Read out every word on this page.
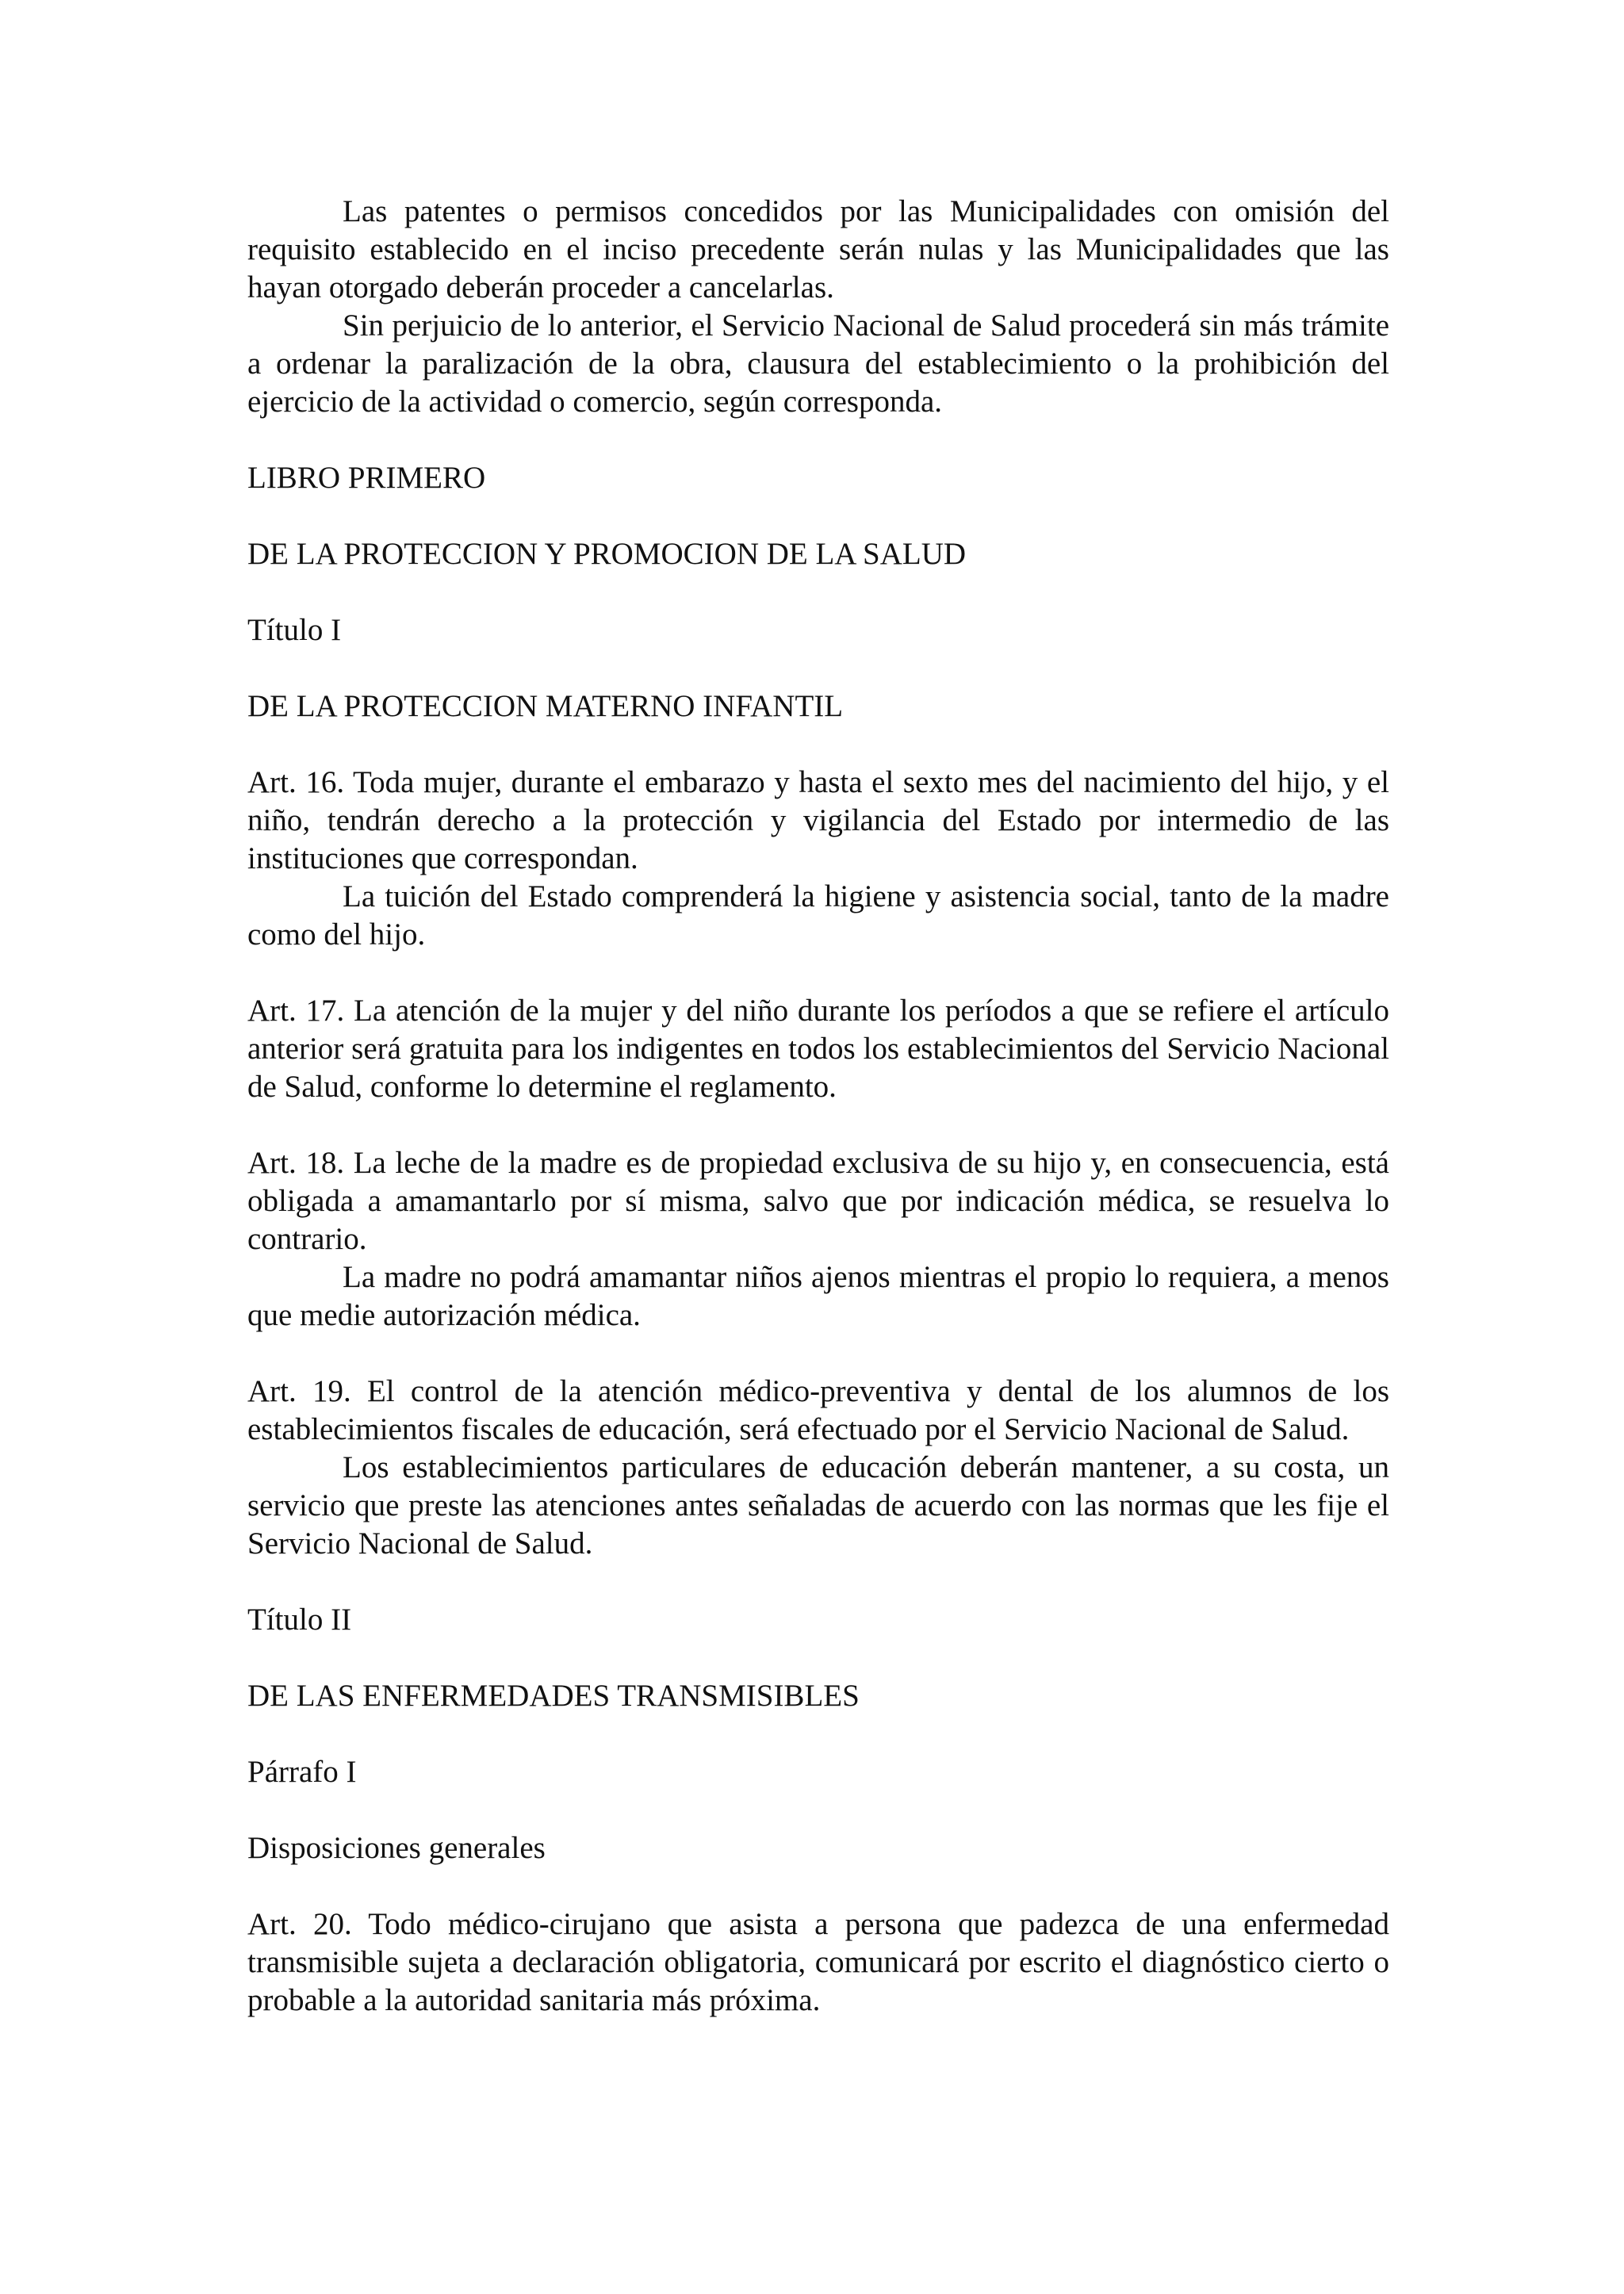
Las patentes o permisos concedidos por las Municipalidades con omisión del requisito establecido en el inciso precedente serán nulas y las Municipalidades que las hayan otorgado deberán proceder a cancelarlas.

Sin perjuicio de lo anterior, el Servicio Nacional de Salud procederá sin más trámite a ordenar la paralización de la obra, clausura del establecimiento o la prohibición del ejercicio de la actividad o comercio, según corresponda.

LIBRO PRIMERO

DE LA PROTECCION Y PROMOCION DE LA SALUD

Título I

DE LA PROTECCION MATERNO INFANTIL

Art. 16. Toda mujer, durante el embarazo y hasta el sexto mes del nacimiento del hijo, y el niño, tendrán derecho a la protección y vigilancia del Estado por intermedio de las instituciones que correspondan.

La tuición del Estado comprenderá la higiene y asistencia social, tanto de la madre como del hijo.

Art. 17. La atención de la mujer y del niño durante los períodos a que se refiere el artículo anterior será gratuita para los indigentes en todos los establecimientos del Servicio Nacional de Salud, conforme lo determine el reglamento.

Art. 18. La leche de la madre es de propiedad exclusiva de su hijo y, en consecuencia, está obligada a amamantarlo por sí misma, salvo que por indicación médica, se resuelva lo contrario.

La madre no podrá amamantar niños ajenos mientras el propio lo requiera, a menos que medie autorización médica.

Art. 19. El control de la atención médico-preventiva y dental de los alumnos de los establecimientos fiscales de educación, será efectuado por el Servicio Nacional de Salud.

Los establecimientos particulares de educación deberán mantener, a su costa, un servicio que preste las atenciones antes señaladas de acuerdo con las normas que les fije el Servicio Nacional de Salud.

Título II

DE LAS ENFERMEDADES TRANSMISIBLES

Párrafo I

Disposiciones generales

Art. 20. Todo médico-cirujano que asista a persona que padezca de una enfermedad transmisible sujeta a declaración obligatoria, comunicará por escrito el diagnóstico cierto o probable a la autoridad sanitaria más próxima.
